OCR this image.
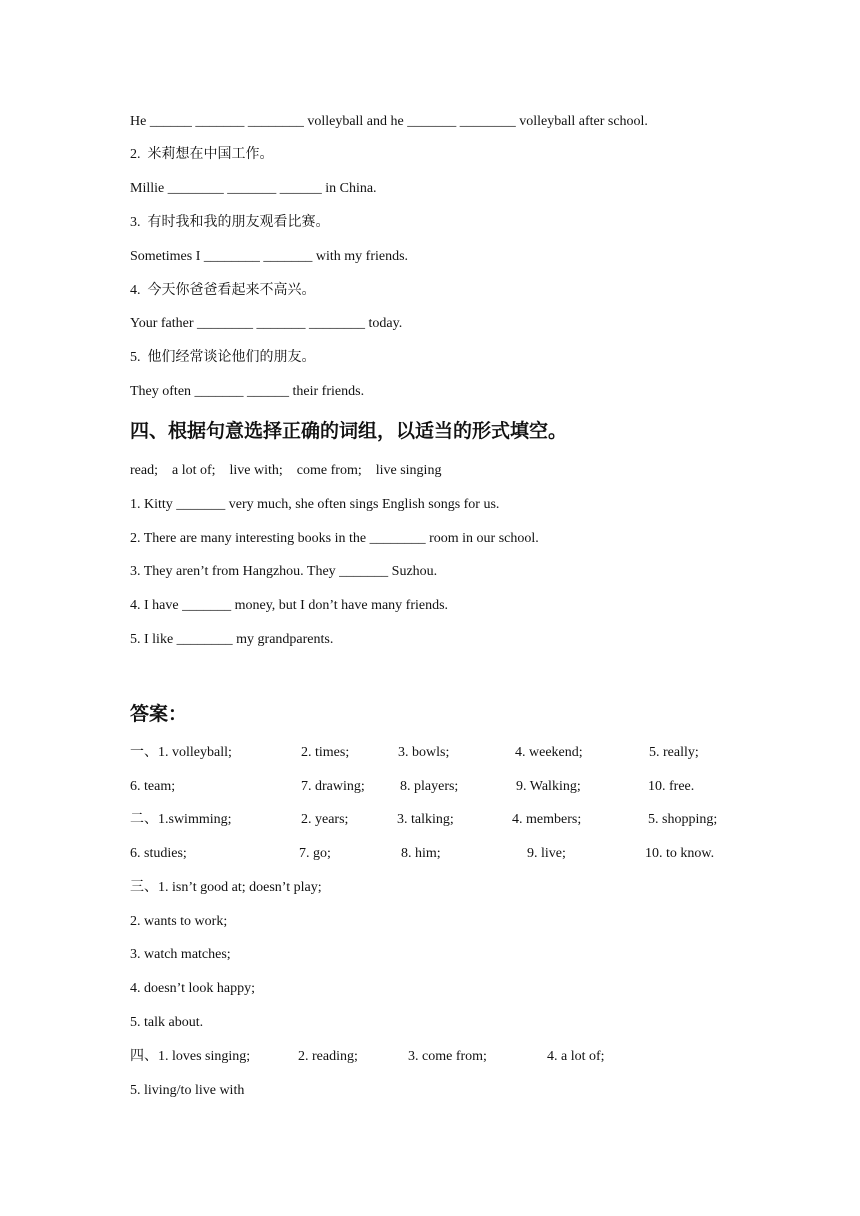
He ______ _______ ________ volleyball and he _______ ________ volleyball after school.

2.  米莉想在中国工作。

Millie ________ _______ ______ in China.

3.  有时我和我的朋友观看比赛。

Sometimes I ________ _______ with my friends.

4.  今天你爸爸看起来不高兴。

Your father ________ _______ ________ today.

5.  他们经常谈论他们的朋友。

They often _______ ______ their friends.

四、根据句意选择正确的词组，以适当的形式填空。

read;    a lot of;    live with;    come from;    live singing

1. Kitty _______ very much, she often sings English songs for us.

2. There are many interesting books in the ________ room in our school.

3. They aren’t from Hangzhou. They _______ Suzhou.

4. I have _______ money, but I don’t have many friends.

5. I like ________ my grandparents.

答案：
一、1. volleyball;	2. times;	3. bowls;	4. weekend;	5. really;
6. team;	7. drawing;	8. players;	9. Walking;	10. free.
二、1.swimming;	2. years;	3. talking;	4. members;	5. shopping;
6. studies;	7. go;	8. him;	9. live;	10. to know.

三、1. isn’t good at; doesn’t play;

2. wants to work;

3. watch matches;

4. doesn’t look happy;

5. talk about.

四、1. loves singing;	2. reading;	3. come from;	4. a lot of;

5. living/to live with
